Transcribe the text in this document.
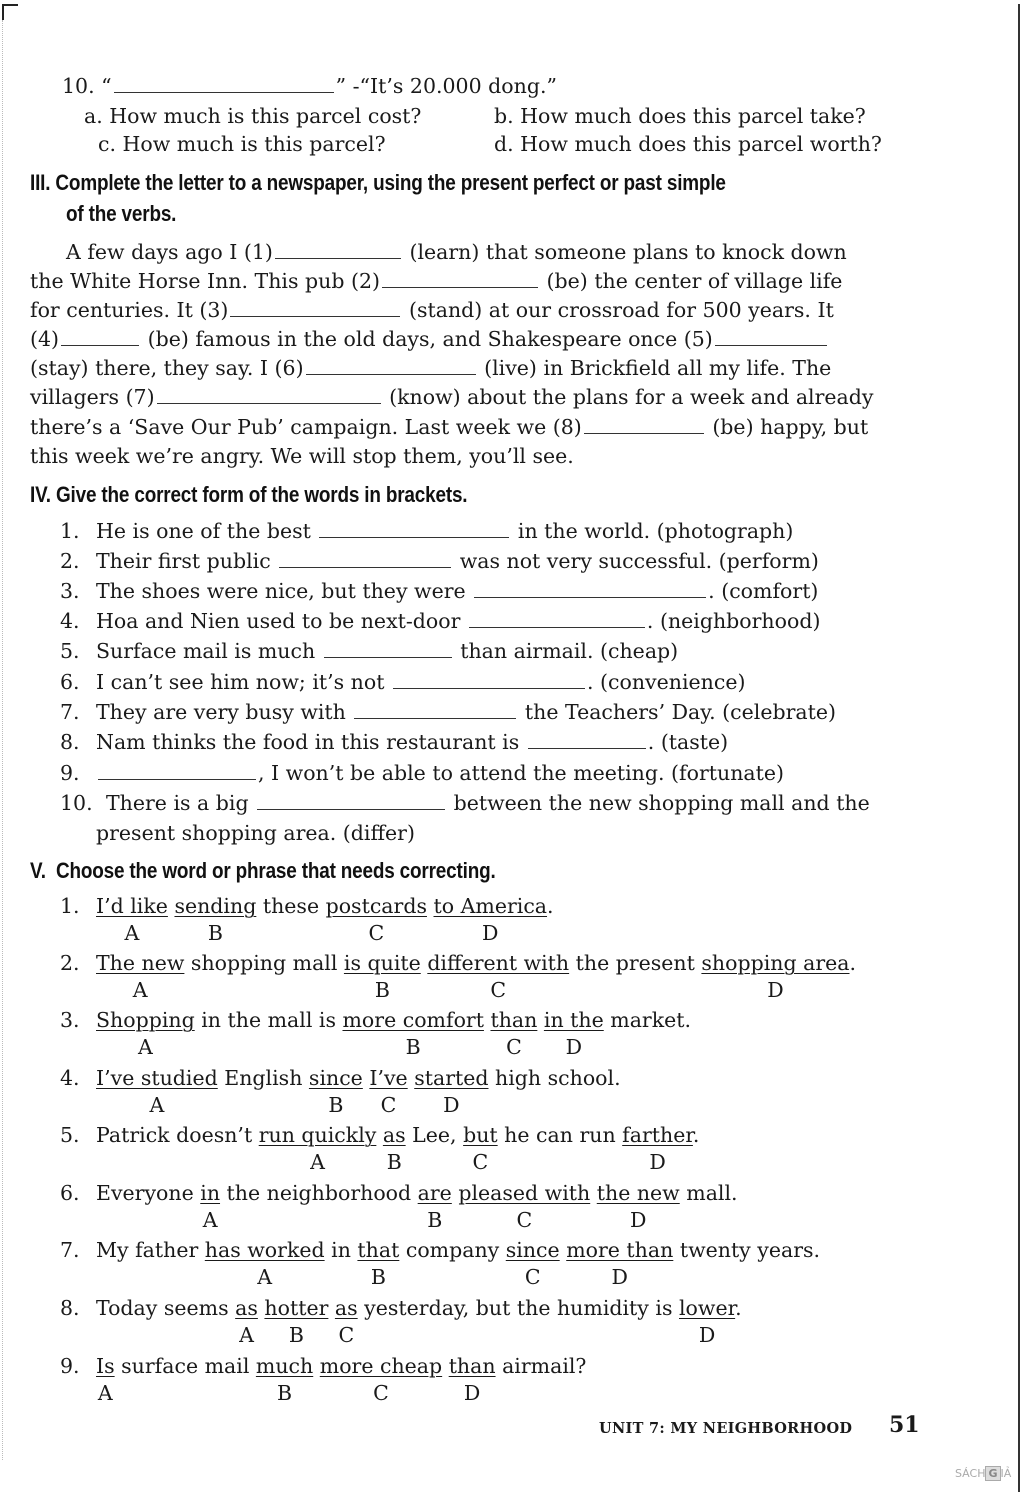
10. “	” -“It’s 20.000 dong.”
a. How much is this parcel cost?	b. How much does this parcel take?
c. How much is this parcel?	d. How much does this parcel worth?
III. Complete the letter to a newspaper, using the present perfect or past simple
of the verbs.
A few days ago I (1)	(learn) that someone plans to knock down
the White Horse Inn. This pub (2)	(be) the center of village life
for centuries. It (3)	(stand) at our crossroad for 500 years. It
(4)	(be) famous in the old days, and Shakespeare once (5)
(stay) there, they say. I (6)	(live) in Brickfield all my life. The
villagers (7)	(know) about the plans for a week and already
there’s a ‘Save Our Pub’ campaign. Last week we (8)	(be) happy, but
this week we’re angry. We will stop them, you’ll see.
IV. Give the correct form of the words in brackets.
1. He is one of the best	in the world. (photograph)
2. Their first public	was not very successful. (perform)
3. The shoes were nice, but they were	. (comfort)
4. Hoa and Nien used to be next-door	. (neighborhood)
5. Surface mail is much	than airmail. (cheap)
6. I can’t see him now; it’s not	. (convenience)
7. They are very busy with	the Teachers’ Day. (celebrate)
8. Nam thinks the food in this restaurant is	. (taste)
9.	, I won’t be able to attend the meeting. (fortunate)
10. There is a big	between the new shopping mall and the
present shopping area. (differ)
V. Choose the word or phrase that needs correcting.
1. I’d like sending these postcards to America.
A	B	C	D
2. The new shopping mall is quite different with the present shopping area.
A	B	C	D
3. Shopping in the mall is more comfort than in the market.
A	B	C D
4. I’ve studied English since I’ve started high school.
A	B C D
5. Patrick doesn’t run quickly as Lee, but he can run farther.
A	B	C	D
6. Everyone in the neighborhood are pleased with the new mall.
A	B	C	D
7. My father has worked in that company since more than twenty years.
A	B	C	D
8. Today seems as hotter as yesterday, but the humidity is lower.
A B C	D
9. Is surface mail much more cheap than airmail?
A	B	C	D
UNIT 7: MY NEIGHBORHOOD 51
SÁCH G IẢ
